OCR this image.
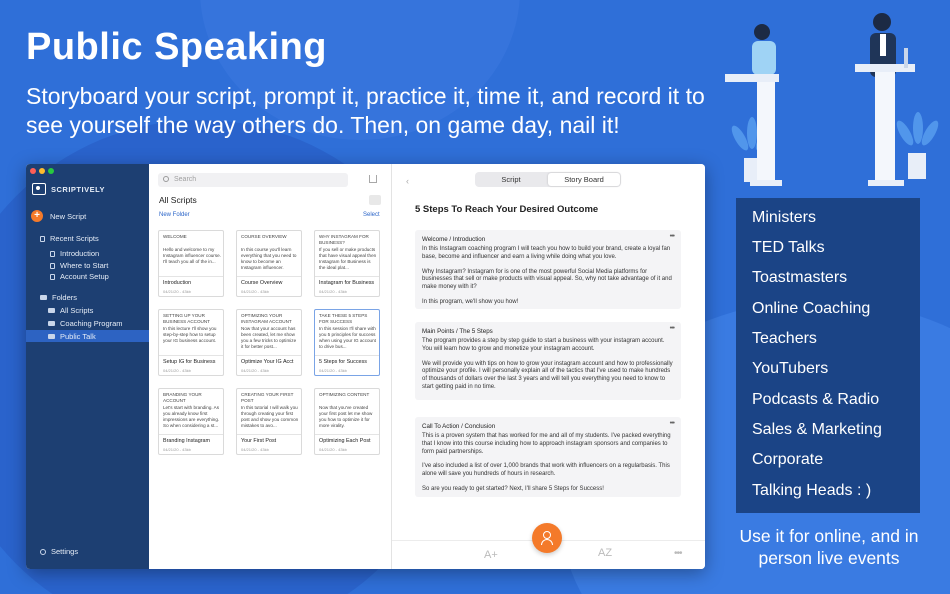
Public Speaking
Storyboard your script, prompt it, practice it, time it, and record it to see yourself the way others do. Then, on game day, nail it!
SCRIPTIVELY
+	New Script
Recent Scripts
Introduction
Where to Start
Account Setup
Folders
All Scripts
Coaching Program
Public Talk
Settings
Search
All Scripts
New Folder	Select
WELCOME
Hello and welcome to my Instagram influencer course. I'll teach you all of the in...
Introduction
04/21/20 - 43kb
COURSE OVERVIEW
In this course you'll learn everything that you need to know to become an Instagram influencer.
Course Overview
04/21/20 - 43kb
WHY INSTAGRAM FOR BUSINESS?
If you sell or make products that have visual appeal then Instagram for Business is the ideal plat...
Instagram for Business
04/21/20 - 43kb
SETTING UP YOUR BUSINESS ACCOUNT
In this lecture I'll show you step-by-step how to setup your IG business account.
Setup IG for Business
04/21/20 - 43kb
OPTIMIZING YOUR INSTAGRAM ACCOUNT
Now that your account has been created, let me show you a few tricks to optimize it for better post...
Optimize Your IG Acct
04/21/20 - 43kb
TAKE THESE 5 STEPS FOR SUCCESS
In this session I'll share with you 5 principles for success when using your IG account to drive bus...
5 Steps for Success
04/21/20 - 43kb
BRANDING YOUR ACCOUNT
Let's start with branding. As you already know first impressions are everything. So when considering a st...
Branding Instagram
04/21/20 - 43kb
CREATING YOUR FIRST POST
In this tutorial I will walk you through creating your first post and show you common mistakes to avo...
Your First Post
04/21/20 - 43kb
OPTIMIZING CONTENT
Now that you've created your first post let me show you how to optimize it for more virality.
Optimizing Each Post
04/21/20 - 43kb
‹	Script	Story Board
5 Steps To Reach Your Desired Outcome
Welcome / Introduction	•••

In this Instagram coaching program I will teach you how to build your brand, create a loyal fan base, become and influencer and earn a living while doing what you love.

Why Instagram? Instagram for is one of the most powerful Social Media platforms for businesses that sell or make products with visual appeal. So, why not take advantage of it and make money with it?

In this program, we'll show you how!

Main Points / The 5 Steps	•••

The program provides a step by step guide to start a business with your instagram account. You will learn how to grow and monetize your instagram account.

We will provide you with tips on how to grow your instagram account and how to professionally optimize your profile. I will personally explain all of the tactics that I've used to make hundreds of thousands of dollars over the last 3 years and will tell you everything you need to know to start getting paid in no time.

Call To Action / Conclusion	•••

This is a proven system that has worked for me and all of my students. I've packed everything that I know into this course including how to approach instagram sponsors and companies to form paid partnerships.

I've also included a list of over 1,000 brands that work with influencers on a regularbasis. This alone will save you hundreds of hours in research.

So are you ready to get started? Next, I'll share 5 Steps for Success!

A+	AZ	•••
Ministers
TED Talks
Toastmasters
Online Coaching
Teachers
YouTubers
Podcasts & Radio
Sales & Marketing
Corporate
Talking Heads : )
Use it for online, and in person live events
